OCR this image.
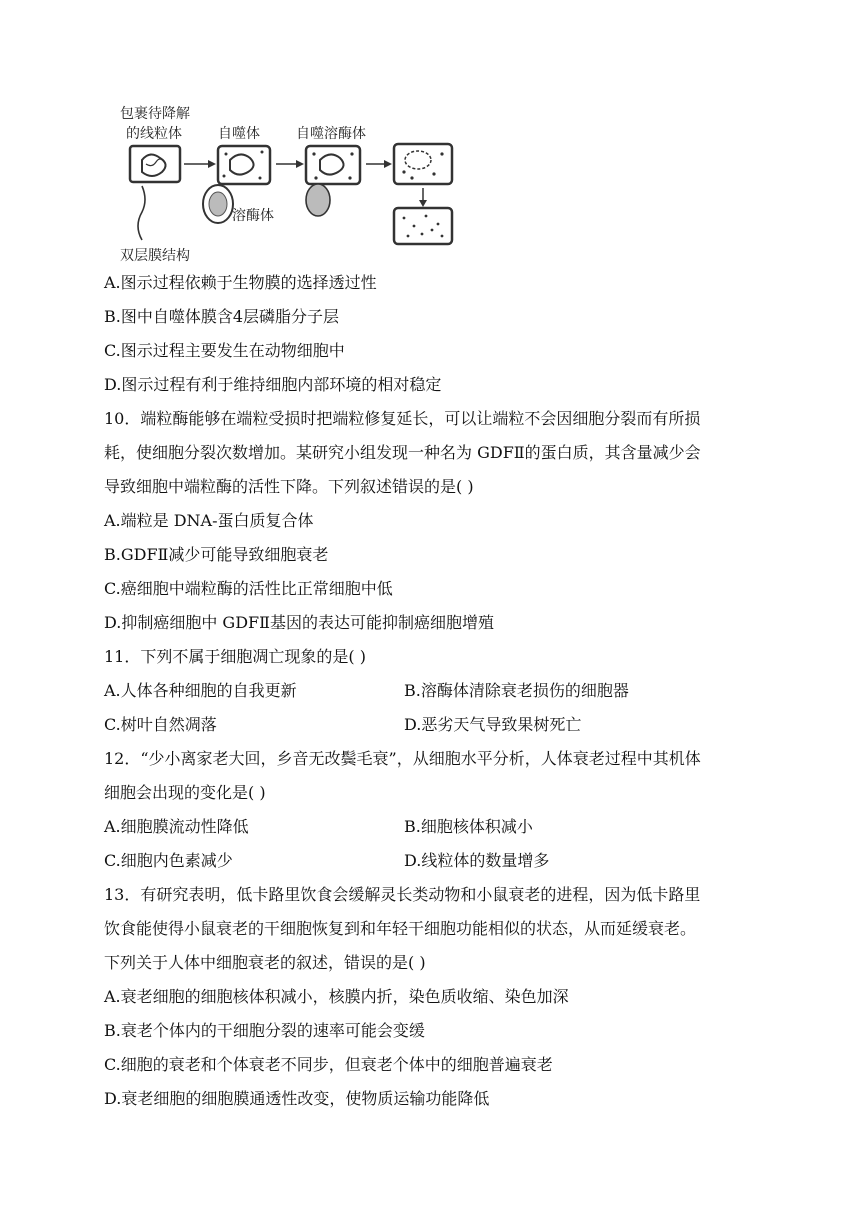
包裹待降解
的线粒体	自噬体	自噬溶酶体
溶酶体
双层膜结构
A.图示过程依赖于生物膜的选择透过性
B.图中自噬体膜含4层磷脂分子层
C.图示过程主要发生在动物细胞中
D.图示过程有利于维持细胞内部环境的相对稳定
10．端粒酶能够在端粒受损时把端粒修复延长，可以让端粒不会因细胞分裂而有所损
耗，使细胞分裂次数增加。某研究小组发现一种名为 GDFⅡ的蛋白质，其含量减少会
导致细胞中端粒酶的活性下降。下列叙述错误的是( )
A.端粒是 DNA-蛋白质复合体
B.GDFⅡ减少可能导致细胞衰老
C.癌细胞中端粒酶的活性比正常细胞中低
D.抑制癌细胞中 GDFⅡ基因的表达可能抑制癌细胞增殖
11．下列不属于细胞凋亡现象的是( )
A.人体各种细胞的自我更新	B.溶酶体清除衰老损伤的细胞器
C.树叶自然凋落	D.恶劣天气导致果树死亡
12．“少小离家老大回，乡音无改鬓毛衰”，从细胞水平分析，人体衰老过程中其机体
细胞会出现的变化是( )
A.细胞膜流动性降低	B.细胞核体积减小
C.细胞内色素减少	D.线粒体的数量增多
13．有研究表明，低卡路里饮食会缓解灵长类动物和小鼠衰老的进程，因为低卡路里
饮食能使得小鼠衰老的干细胞恢复到和年轻干细胞功能相似的状态，从而延缓衰老。
下列关于人体中细胞衰老的叙述，错误的是( )
A.衰老细胞的细胞核体积减小，核膜内折，染色质收缩、染色加深
B.衰老个体内的干细胞分裂的速率可能会变缓
C.细胞的衰老和个体衰老不同步，但衰老个体中的细胞普遍衰老
D.衰老细胞的细胞膜通透性改变，使物质运输功能降低
